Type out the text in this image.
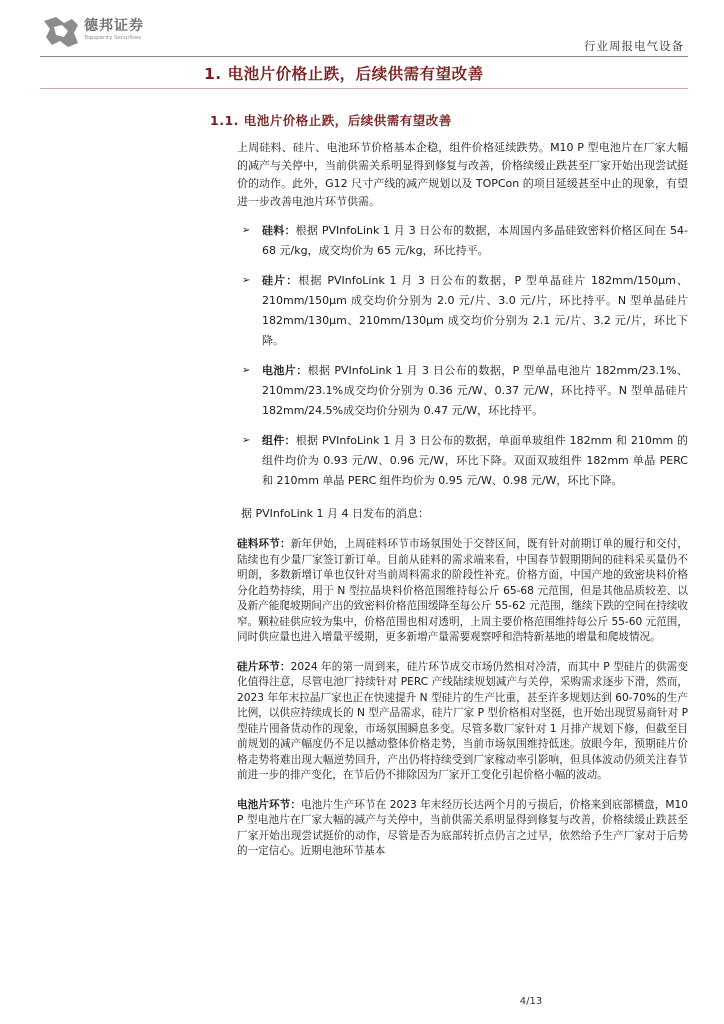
德邦证券
Topsperity Securities
行业周报电气设备
1. 电池片价格止跌，后续供需有望改善
1.1. 电池片价格止跌，后续供需有望改善

上周硅料、硅片、电池环节价格基本企稳，组件价格延续跌势。M10 P 型电池片在厂家大幅的减产与关停中，当前供需关系明显得到修复与改善，价格续缓止跌甚至厂家开始出现尝试挺价的动作。此外，G12 尺寸产线的减产规划以及 TOPCon 的项目延缓甚至中止的现象，有望进一步改善电池片环节供需。

➢ 硅料：根据 PVInfoLink 1 月 3 日公布的数据，本周国内多晶硅致密料价格区间在 54-68 元/kg，成交均价为 65 元/kg，环比持平。
➢ 硅片：根据 PVInfoLink 1 月 3 日公布的数据，P 型单晶硅片 182mm/150μm、210mm/150μm 成交均价分别为 2.0 元/片、3.0 元/片，环比持平。N 型单晶硅片 182mm/130μm、210mm/130μm 成交均价分别为 2.1 元/片、3.2 元/片，环比下降。
➢ 电池片：根据 PVInfoLink 1 月 3 日公布的数据，P 型单晶电池片 182mm/23.1%、210mm/23.1%成交均价分别为 0.36 元/W、0.37 元/W，环比持平。N 型单晶硅片 182mm/24.5%成交均价分别为 0.47 元/W，环比持平。
➢ 组件：根据 PVInfoLink 1 月 3 日公布的数据，单面单玻组件 182mm 和 210mm 的组件均价为 0.93 元/W、0.96 元/W，环比下降。双面双玻组件 182mm 单晶 PERC 和 210mm 单晶 PERC 组件均价为 0.95 元/W、0.98 元/W，环比下降。

据 PVInfoLink 1 月 4 日发布的消息：

硅料环节：新年伊始，上周硅料环节市场氛围处于交替区间，既有针对前期订单的履行和交付，陆续也有少量厂家签订新订单。目前从硅料的需求端来看，中国春节假期期间的硅料采买量仍不明朗，多数新增订单也仅针对当前周料需求的阶段性补充。价格方面，中国产地的致密块料价格分化趋势持续，用于 N 型拉晶块料价格范围维持每公斤 65-68 元范围，但是其他品质较差、以及新产能爬坡期间产出的致密料价格范围缓降至每公斤 55-62 元范围，继续下跌的空间在持续收窄。颗粒硅供应较为集中，价格范围也相对透明，上周主要价格范围维持每公斤 55-60 元范围，同时供应量也进入增量平缓期，更多新增产量需要观察呼和浩特新基地的增量和爬坡情况。

硅片环节：2024 年的第一周到来，硅片环节成交市场仍然相对冷清，而其中 P 型硅片的供需变化值得注意，尽管电池厂持续针对 PERC 产线陆续规划减产与关停，采购需求逐步下滑，然而，2023 年年末拉晶厂家也正在快速提升 N 型硅片的生产比重，甚至许多规划达到 60-70%的生产比例，以供应持续成长的 N 型产品需求，硅片厂家 P 型价格相对坚挺，也开始出现贸易商针对 P 型硅片囤备货动作的现象，市场氛围瞬息多变。尽管多数厂家针对 1 月排产规划下修，但截至目前规划的减产幅度仍不足以撼动整体价格走势，当前市场氛围维持低迷。放眼今年，预期硅片价格走势将难出现大幅逆势回升，产出仍将持续受到厂家稼动率引影响，但具体波动仍须关注春节前进一步的排产变化，在节后仍不排除因为厂家开工变化引起价格小幅的波动。

电池片环节：电池片生产环节在 2023 年末经历长达两个月的亏损后，价格来到底部横盘，M10 P 型电池片在厂家大幅的减产与关停中，当前供需关系明显得到修复与改善，价格续缓止跌甚至厂家开始出现尝试挺价的动作，尽管是否为底部转折点仍言之过早，依然给予生产厂家对于后势的一定信心。近期电池环节基本

4/13
